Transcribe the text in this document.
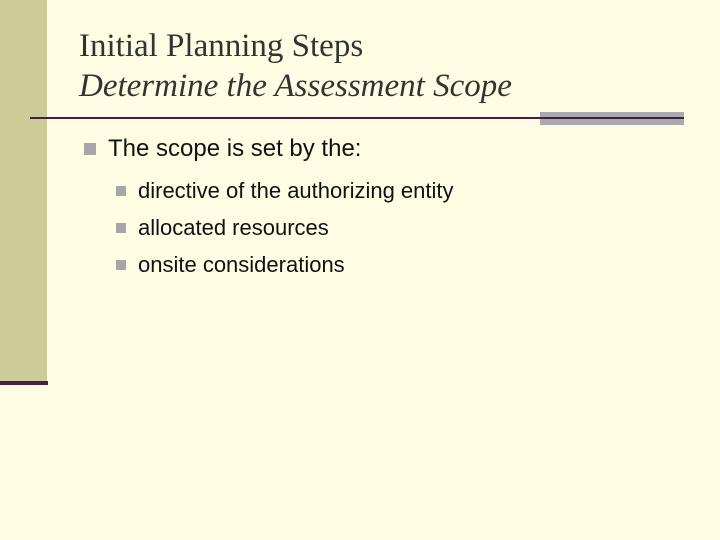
Initial Planning Steps
Determine the Assessment Scope
The scope is set by the:
directive of the authorizing entity
allocated resources
onsite considerations
